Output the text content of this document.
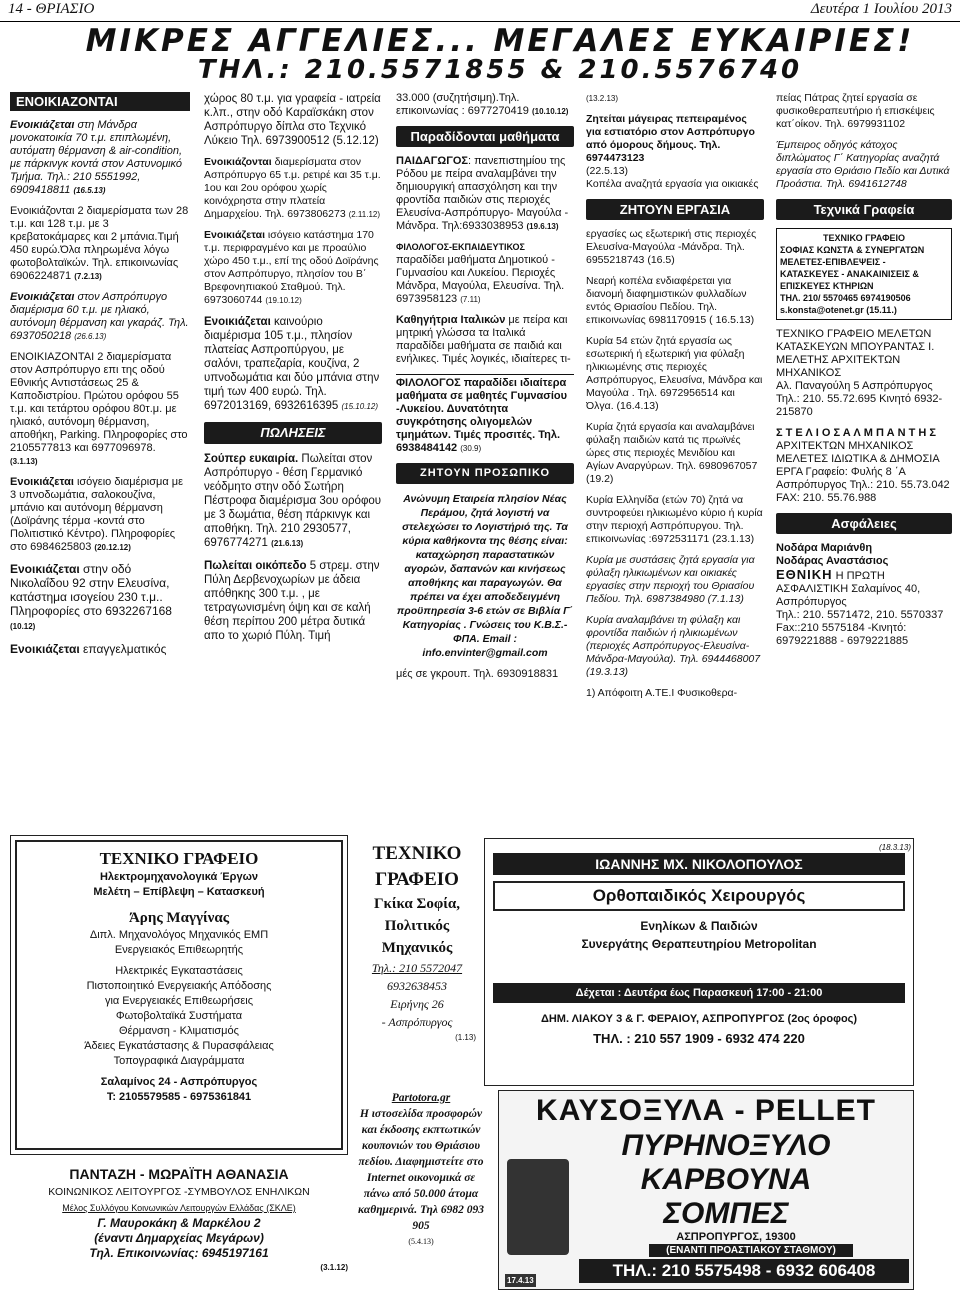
14 - ΘΡΙΑΣΙΟ	Δευτέρα 1 Ιουλίου 2013
ΜΙΚΡΕΣ ΑΓΓΕΛΙΕΣ... ΜΕΓΑΛΕΣ ΕΥΚΑΙΡΙΕΣ!
ΤΗΛ.: 210.5571855 & 210.5576740
ΕΝΟΙΚΙΑΖΟΝΤΑΙ

Ενοικιάζεται στη Μάνδρα μονοκατοικία 70 τ.μ. επιπλωμένη, αυτόματη θέρμανση & air-condition, με πάρκινγκ κοντά στον Αστυνομικό Τμήμα. Τηλ.: 210 5551992, 6909418811 (16.5.13)

Ενοικιάζονται 2 διαμερίσματα των 28 τ.μ. και 128 τ.μ. με 3 κρεβατοκάμαρες και 2 μπάνια.Τιμή 450 ευρώ.Όλα πληρωμένα λόγω φωτοβολταϊκών. Τηλ. επικοινωνίας 6906224871 (7.2.13)

Ενοικιάζεται στον Ασπρόπυργο διαμέρισμα 60 τ.μ. με ηλιακό, αυτόνομη θέρμανση και γκαράζ. Τηλ. 6937050218 (26.6.13)

ΕΝΟΙΚΙΑΖΟΝΤΑΙ 2 διαμερίσματα στον Ασπρόπυργο επι της οδού Εθνικής Αντιστάσεως 25 & Καποδιστρίου. Πρώτου ορόφου 55 τ.μ. και τετάρτου ορόφου 80τ.μ. με ηλιακό, αυτόνομη θέρμανση, αποθήκη, Parking. Πληροφορίες στο 2105577813 και 6977096978.
(3.1.13)

Ενοικιάζεται ισόγειο διαμέρισμα με 3 υπνοδωμάτια, σαλοκουζίνα, μπάνιο και αυτόνομη θέρμανση (Δοϊράνης τέρμα -κοντά στο Πολιτιστικό Κέντρο). Πληροφορίες στο 6984625803 (20.12.12)

Ενοικιάζεται στην οδό Νικολαΐδου 92 στην Ελευσίνα, κατάστημα ισογείου 230 τ.μ.. Πληροφορίες στο 6932267168 (10.12)

Ενοικιάζεται επαγγελματικός

χώρος 80 τ.μ. για γραφεία - ιατρεία κ.λπ., στην οδό Καραϊσκάκη στον Ασπρόπυργο δίπλα στο Τεχνικό Λύκειο Τηλ. 6973900512 (5.12.12)

Ενοικιάζονται διαμερίσματα στον Ασπρόπυργο 65 τ.μ. ρετιρέ και 35 τ.μ. 1ου και 2ου ορόφου χωρίς κοινόχρηστα στην πλατεία Δημαρχείου. Τηλ. 6973806273 (2.11.12)

Ενοικιάζεται ισόγειο κατάστημα 170 τ.μ. περιφραγμένο και με προαύλιο χώρο 450 τ.μ., επί της οδού Δοϊράνης στον Ασπρόπυργο, πλησίον του Β΄ Βρεφονηπιακού Σταθμού. Τηλ. 6973060744 (19.10.12)

Ενοικιάζεται καινούριο διαμέρισμα 105 τ.μ., πλησίον πλατείας Ασπροπύργου, με σαλόνι, τραπεζαρία, κουζίνα, 2 υπνοδωμάτια και δύο μπάνια στην τιμή των 400 ευρώ. Τηλ. 6972013169, 6932616395 (15.10.12)

ΠΩΛΗΣΕΙΣ

Σούπερ ευκαιρία. Πωλείται στον Ασπρόπυργο - θέση Γερμανικό νεόδμητο στην οδό Σωτήρη Πέστροφα διαμέρισμα 3ου ορόφου με 3 δωμάτια, θέση πάρκινγκ και αποθήκη. Τηλ. 210 2930577, 6976774271 (21.6.13)

Πωλείται οικόπεδο 5 στρεμ. στην Πύλη Δερβενοχωρίων με άδεια απόθηκης 300 τ.μ. , με τετραγωνισμένη όψη και σε καλή θέση περίπου 200 μέτρα δυτικά απο το χωριό Πύλη. Τιμή

33.000 (συζητήσιμη).Τηλ. επικοινωνίας : 6977270419 (10.10.12)

Παραδίδονται μαθήματα

ΠΑΙΔΑΓΩΓΟΣ: πανεπιστημίου της Ρόδου με πείρα αναλαμβάνει την δημιουργική απασχόληση και την φροντίδα παιδιών στις περιοχές Ελευσίνα-Ασπρόπυργο- Μαγούλα - Μάνδρα. Τηλ:6933038953 (19.6.13)

ΦΙΛΟΛΟΓΟΣ-ΕΚΠΑΙΔΕΥΤΙΚΟΣ
παραδίδει μαθήματα Δημοτικού - Γυμνασίου και Λυκείου. Περιοχές Μάνδρα, Μαγούλα, Ελευσίνα. Τηλ. 6973958123 (7.11)

Καθηγήτρια Ιταλικών με πείρα και μητρική γλώσσα τα Ιταλικά παραδίδει μαθήματα σε παιδιά και ενήλικες. Τιμές λογικές, ιδιαίτερες τι-

ΦΙΛΟΛΟΓΟΣ παραδίδει ιδιαίτερα μαθήματα σε μαθητές Γυμνασίου -Λυκείου. Δυνατότητα συγκρότησης ολιγομελών τμημάτων. Τιμές προσιτές. Τηλ. 6938484142 (30.9)

ΖΗΤΟΥΝ ΠΡΟΣΩΠΙΚΟ

Ανώνυμη Εταιρεία πλησίον Νέας Περάμου, ζητά λογιστή να στελεχώσει το Λογιστήριό της. Τα κύρια καθήκοντα της θέσης είναι: καταχώρηση παραστατικών αγορών, δαπανών και κινήσεως αποθήκης και παραγωγών. Θα πρέπει να έχει αποδεδειγμένη προϋπηρεσία 3-6 ετών σε Βιβλία Γ΄ Κατηγορίας . Γνώσεις του Κ.Β.Σ.-ΦΠΑ. Email : info.envinter@gmail.com

μές σε γκρουπ. Τηλ. 6930918831

(13.2.13)

Ζητείται μάγειρας πεπειραμένος για εστιατόριο στον Ασπρόπυργο από όμορους δήμους. Τηλ. 6974473123
(22.5.13)
Κοπέλα αναζητά εργασία για οικιακές

ΖΗΤΟΥΝ ΕΡΓΑΣΙΑ

εργασίες ως εξωτερική στις περιοχές Ελευσίνα-Μαγούλα -Μάνδρα. Τηλ. 6955218743 (16.5)

Νεαρή κοπέλα ενδιαφέρεται για διανομή διαφημιστικών φυλλαδίων εντός Θριασίου Πεδίου. Τηλ. επικοινωνίας 6981170915 ( 16.5.13)

Κυρία 54 ετών ζητά εργασία ως εσωτερική ή εξωτερική για φύλαξη ηλικιωμένης στις περιοχές Ασπρόπυργος, Ελευσίνα, Μάνδρα και Μαγούλα . Τηλ. 6972956514 και Όλγα. (16.4.13)

Κυρία ζητά εργασία και αναλαμβάνει φύλαξη παιδιών κατά τις πρωϊνές ώρες στις περιοχές Μενιδίου και Αγίων Αναργύρων. Τηλ. 6980967057 (19.2)

Κυρία Ελληνίδα (ετών 70) ζητά να συντροφεύει ηλικιωμένο κύριο ή κυρία στην περιοχή Ασπρόπυργου. Τηλ. επικοινωνίας :6972531171 (23.1.13)

Κυρία με συστάσεις ζητά εργασία για φύλαξη ηλικιωμένων και οικιακές εργασίες στην περιοχή του Θριασίου Πεδίου. Τηλ. 6987384980 (7.1.13)

Κυρία αναλαμβάνει τη φύλαξη και φροντίδα παιδιών ή ηλικιωμένων (περιοχές Ασπρόπυργος-Ελευσίνα-Μάνδρα-Μαγούλα). Τηλ. 6944468007 (19.3.13)

1) Απόφοιτη Α.ΤΕ.Ι Φυσικοθερα-

πείας Πάτρας ζητεί εργασία σε φυσικοθεραπευτήριο ή επισκέψεις κατ΄οίκον. Τηλ. 6979931102

Έμπειρος οδηγός κάτοχος διπλώματος Γ΄ Κατηγορίας αναζητά εργασία στο Θριάσιο Πεδίο και Δυτικά Προάστια. Τηλ. 6941612748

Τεχνικά Γραφεία
ΤΕΧΝΙΚΟ ΓΡΑΦΕΙΟ
ΣΟΦΙΑΣ ΚΩΝΣΤΑ & ΣΥΝΕΡΓΑΤΩΝ
ΜΕΛΕΤΕΣ-ΕΠΙΒΛΕΨΕΙΣ -
ΚΑΤΑΣΚΕΥΕΣ - ΑΝΑΚΑΙΝΙΣΕΙΣ &
ΕΠΙΣΚΕΥΕΣ ΚΤΗΡΙΩΝ
ΤΗΛ. 210/ 5570465 6974190506
s.konsta@otenet.gr (15.11.)

ΤΕΧΝΙΚΟ ΓΡΑΦΕΙΟ ΜΕΛΕΤΩΝ ΚΑΤΑΣΚΕΥΩΝ ΜΠΟΥΡΑΝΤΑΣ Ι. ΜΕΛΕΤΗΣ ΑΡΧΙΤΕΚΤΩΝ ΜΗΧΑΝΙΚΟΣ
Αλ. Παναγούλη 5 Ασπρόπυργος
Τηλ.: 210. 55.72.695 Κινητό 6932-215870

Σ Τ Ε Λ Ι Ο Σ Α Λ Μ Π Α Ν Τ Η Σ
ΑΡΧΙΤΕΚΤΩΝ ΜΗΧΑΝΙΚΟΣ ΜΕΛΕΤΕΣ ΙΔΙΩΤΙΚΑ & ΔΗΜΟΣΙΑ ΕΡΓΑ Γραφείο: Φυλής 8 ΄Α Ασπρόπυργος Τηλ.: 210. 55.73.042 FAX: 210. 55.76.988

Ασφάλειες

Νοδάρα Μαριάνθη
Νοδάρας Αναστάσιος
ΕΘΝΙΚΗ Η ΠΡΩΤΗ ΑΣΦΑΛΙΣΤΙΚΗ Σαλαμίνος 40, Ασπρόπυργος
Τηλ.: 210. 5571472, 210. 5570337 Fax::210 5575184 -Κινητό: 6979221888 - 6979221885

ΤΕΧΝΙΚΟ ΓΡΑΦΕΙΟ
Ηλεκτρομηχανολογικά Έργων
Μελέτη – Επίβλεψη – Κατασκευή
Άρης Μαγγίνας
Διπλ. Μηχανολόγος Μηχανικός ΕΜΠ
Ενεργειακός Επιθεωρητής
Ηλεκτρικές Εγκαταστάσεις
Πιστοποιητικό Ενεργειακής Απόδοσης
για Ενεργειακές Επιθεωρήσεις
Φωτοβολταϊκά Συστήματα
Θέρμανση - Κλιματισμός
Άδειες Εγκατάστασης & Πυρασφάλειας
Τοπογραφικά Διαγράμματα
Σαλαμίνος 24 - Ασπρόπυργος
Τ: 2105579585 - 6975361841
ΠΑΝΤΑΖΗ - ΜΩΡΑΪΤΗ ΑΘΑΝΑΣΙΑ
ΚΟΙΝΩΝΙΚΟΣ ΛΕΙΤΟΥΡΓΟΣ -ΣΥΜΒΟΥΛΟΣ ΕΝΗΛΙΚΩΝ
Μέλος Συλλόγου Κοινωνικών Λειτουργών Ελλάδας (ΣΚΛΕ)
Γ. Μαυροκάκη & Μαρκέλου 2
(έναντι Δημαρχείας Μεγάρων)
Τηλ. Επικοινωνίας: 6945197161
(3.1.12)
ΤΕΧΝΙΚΟ
ΓΡΑΦΕΙΟ
Γκίκα Σοφία,
Πολιτικός
Μηχανικός
Τηλ.: 210 5572047
6932638453
Ειρήνης 26
- Ασπρόπυργος
(1.13)
(18.3.13)
ΙΩΑΝΝΗΣ ΜΧ. ΝΙΚΟΛΟΠΟΥΛΟΣ
Ορθοπαιδικός Χειρουργός
Ενηλίκων & Παιδιών
Συνεργάτης Θεραπευτηρίου Metropolitan
Δέχεται : Δευτέρα έως Παρασκευή 17:00 - 21:00
ΔΗΜ. ΛΙΑΚΟΥ 3 & Γ. ΦΕΡΑΙΟΥ, ΑΣΠΡΟΠΥΡΓΟΣ (2ος όροφος)
ΤΗΛ. : 210 557 1909 - 6932 474 220
Partotora.gr
Η ιστοσελίδα προσφορών και έκδοσης εκπτωτικών κουπονιών του Θριάσιου πεδίου. Διαφημιστείτε στο Internet οικονομικά σε πάνω από 50.000 άτομα καθημερινά. Τηλ 6982 093 905
(5.4.13)
ΚΑΥΣΟΞΥΛΑ - PELLET
ΠΥΡΗΝΟΞΥΛΟ
ΚΑΡΒΟΥΝΑ
ΣΟΜΠΕΣ
ΑΣΠΡΟΠΥΡΓΟΣ, 19300
(ΕΝΑΝΤΙ ΠΡΟΑΣΤΙΑΚΟΥ ΣΤΑΘΜΟΥ)
ΤΗΛ.: 210 5575498 - 6932 606408
17.4.13
